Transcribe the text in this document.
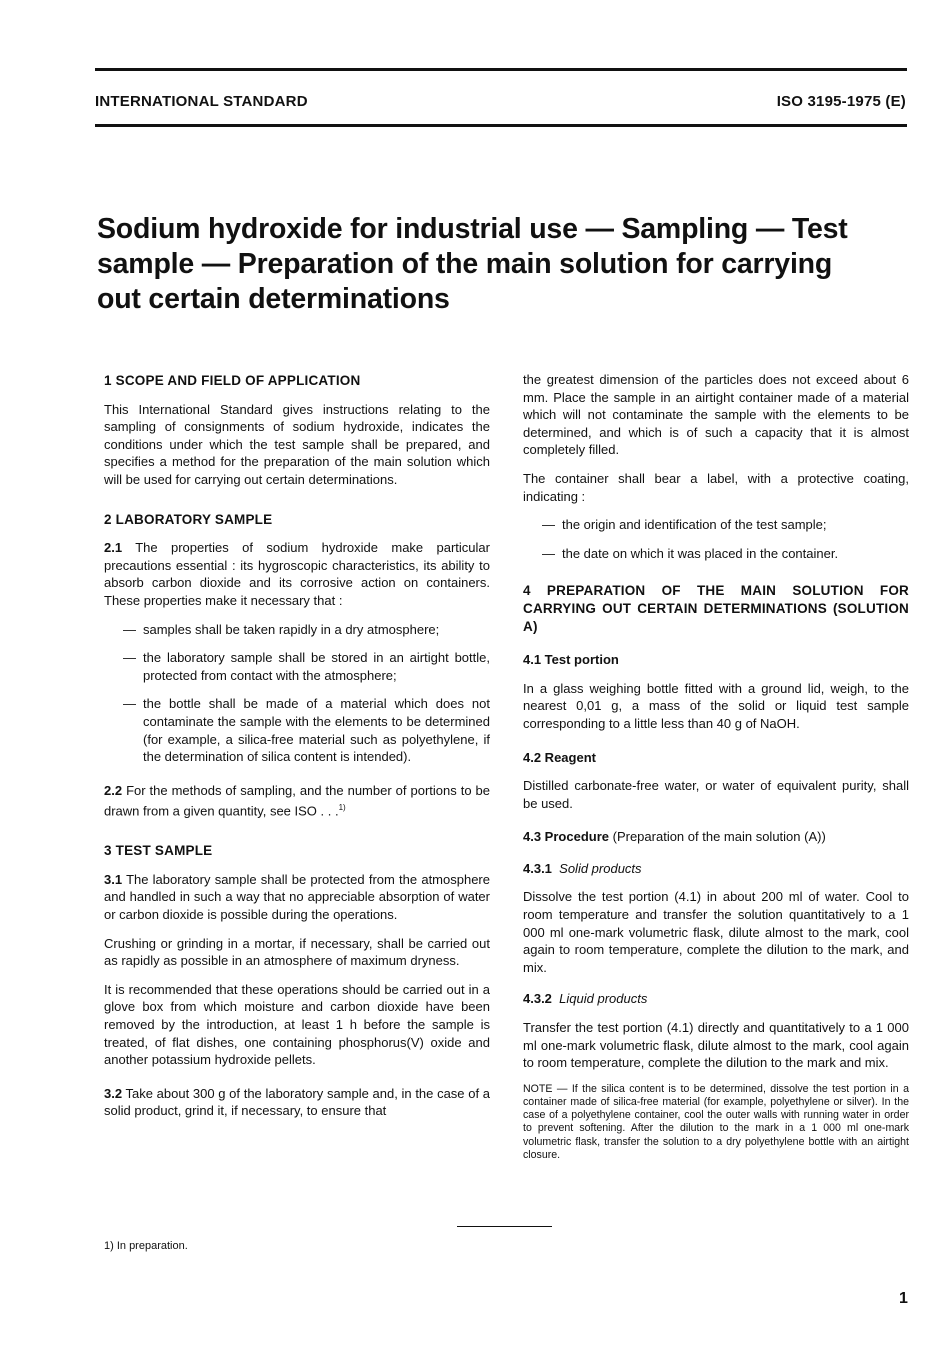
INTERNATIONAL STANDARD	ISO 3195-1975 (E)
Sodium hydroxide for industrial use — Sampling — Test
sample — Preparation of the main solution for carrying
out certain determinations
1 SCOPE AND FIELD OF APPLICATION

This International Standard gives instructions relating to the sampling of consignments of sodium hydroxide, indicates the conditions under which the test sample shall be prepared, and specifies a method for the preparation of the main solution which will be used for carrying out certain determinations.

2 LABORATORY SAMPLE

2.1 The properties of sodium hydroxide make particular precautions essential : its hygroscopic characteristics, its ability to absorb carbon dioxide and its corrosive action on containers. These properties make it necessary that :

— samples shall be taken rapidly in a dry atmosphere;
— the laboratory sample shall be stored in an airtight bottle, protected from contact with the atmosphere;
— the bottle shall be made of a material which does not contaminate the sample with the elements to be determined (for example, a silica-free material such as polyethylene, if the determination of silica content is intended).

2.2 For the methods of sampling, and the number of portions to be drawn from a given quantity, see ISO . . .$^{1)}$

3 TEST SAMPLE

3.1 The laboratory sample shall be protected from the atmosphere and handled in such a way that no appreciable absorption of water or carbon dioxide is possible during the operations.

Crushing or grinding in a mortar, if necessary, shall be carried out as rapidly as possible in an atmosphere of maximum dryness.

It is recommended that these operations should be carried out in a glove box from which moisture and carbon dioxide have been removed by the introduction, at least 1 h before the sample is treated, of flat dishes, one containing phosphorus(V) oxide and another potassium hydroxide pellets.

3.2 Take about 300 g of the laboratory sample and, in the case of a solid product, grind it, if necessary, to ensure that

the greatest dimension of the particles does not exceed about 6 mm. Place the sample in an airtight container made of a material which will not contaminate the sample with the elements to be determined, and which is of such a capacity that it is almost completely filled.

The container shall bear a label, with a protective coating, indicating :

— the origin and identification of the test sample;
— the date on which it was placed in the container.
4 PREPARATION OF THE MAIN SOLUTION FOR CARRYING OUT CERTAIN DETERMINATIONS (SOLUTION A)
4.1 Test portion

In a glass weighing bottle fitted with a ground lid, weigh, to the nearest 0,01 g, a mass of the solid or liquid test sample corresponding to a little less than 40 g of NaOH.

4.2 Reagent

Distilled carbonate-free water, or water of equivalent purity, shall be used.

4.3 Procedure (Preparation of the main solution (A))

4.3.1 Solid products

Dissolve the test portion (4.1) in about 200 ml of water. Cool to room temperature and transfer the solution quantitatively to a 1 000 ml one-mark volumetric flask, dilute almost to the mark, cool again to room temperature, complete the dilution to the mark, and mix.

4.3.2 Liquid products

Transfer the test portion (4.1) directly and quantitatively to a 1 000 ml one-mark volumetric flask, dilute almost to the mark, cool again to room temperature, complete the dilution to the mark and mix.

NOTE — If the silica content is to be determined, dissolve the test portion in a container made of silica-free material (for example, polyethylene or silver). In the case of a polyethylene container, cool the outer walls with running water in order to prevent softening. After the dilution to the mark in a 1 000 ml one-mark volumetric flask, transfer the solution to a dry polyethylene bottle with an airtight closure.

1) In preparation.
1
